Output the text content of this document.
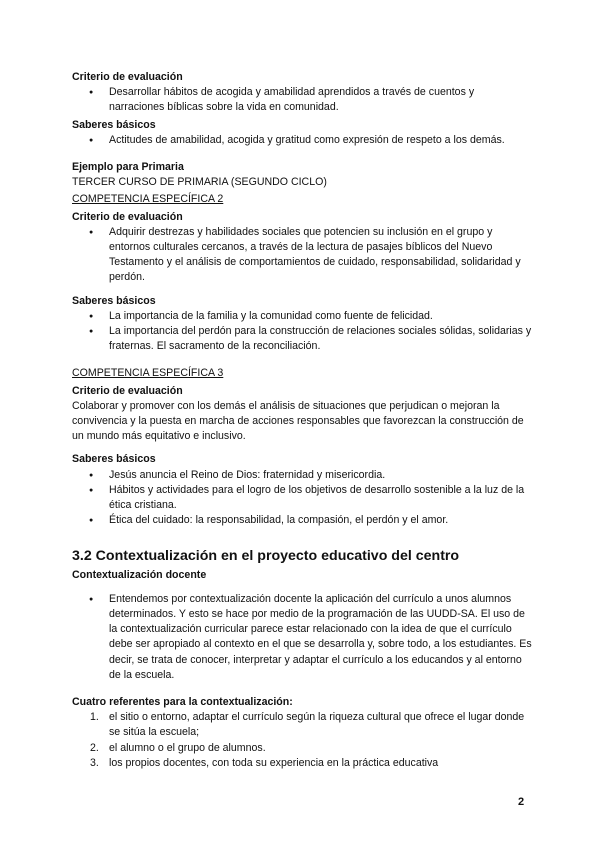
Criterio de evaluación

● Desarrollar hábitos de acogida y amabilidad aprendidos a través de cuentos y narraciones bíblicas sobre la vida en comunidad.

Saberes básicos

● Actitudes de amabilidad, acogida y gratitud como expresión de respeto a los demás.

Ejemplo para Primaria

TERCER CURSO DE PRIMARIA (SEGUNDO CICLO)

COMPETENCIA ESPECÍFICA 2

Criterio de evaluación

● Adquirir destrezas y habilidades sociales que potencien su inclusión en el grupo y entornos culturales cercanos, a través de la lectura de pasajes bíblicos del Nuevo Testamento y el análisis de comportamientos de cuidado, responsabilidad, solidaridad y perdón.

Saberes básicos

● La importancia de la familia y la comunidad como fuente de felicidad.
● La importancia del perdón para la construcción de relaciones sociales sólidas, solidarias y fraternas. El sacramento de la reconciliación.

COMPETENCIA ESPECÍFICA 3

Criterio de evaluación

Colaborar y promover con los demás el análisis de situaciones que perjudican o mejoran la convivencia y la puesta en marcha de acciones responsables que favorezcan la construcción de un mundo más equitativo e inclusivo.

Saberes básicos

● Jesús anuncia el Reino de Dios: fraternidad y misericordia.
● Hábitos y actividades para el logro de los objetivos de desarrollo sostenible a la luz de la ética cristiana.
● Ética del cuidado: la responsabilidad, la compasión, el perdón y el amor.

3.2 Contextualización en el proyecto educativo del centro

Contextualización docente

● Entendemos por contextualización docente la aplicación del currículo a unos alumnos determinados. Y esto se hace por medio de la programación de las UUDD-SA. El uso de la contextualización curricular parece estar relacionado con la idea de que el currículo debe ser apropiado al contexto en el que se desarrolla y, sobre todo, a los estudiantes. Es decir, se trata de conocer, interpretar y adaptar el currículo a los educandos y al entorno de la escuela.

Cuatro referentes para la contextualización:

1. el sitio o entorno, adaptar el currículo según la riqueza cultural que ofrece el lugar donde se sitúa la escuela;
2. el alumno o el grupo de alumnos.
3. los propios docentes, con toda su experiencia en la práctica educativa
2
